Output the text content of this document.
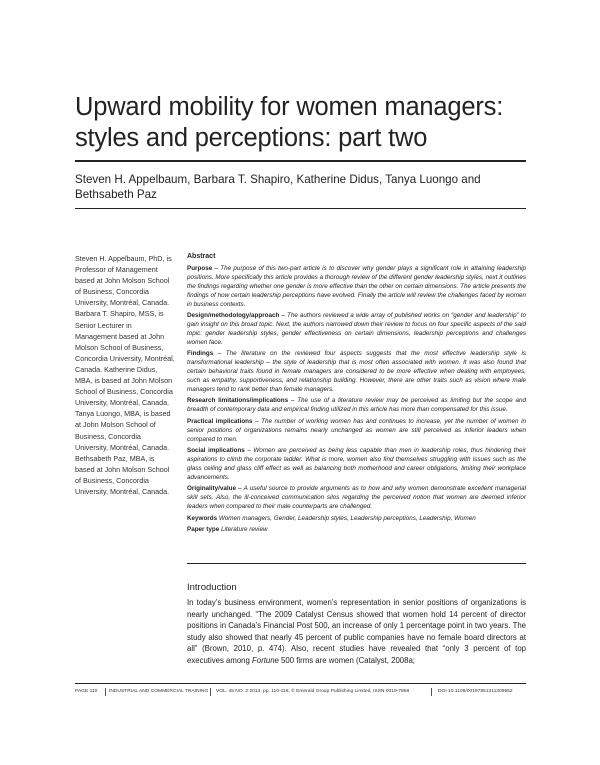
Upward mobility for women managers:
styles and perceptions: part two

Steven H. Appelbaum, Barbara T. Shapiro, Katherine Didus, Tanya Luongo and
Bethsabeth Paz

Steven H. Appelbaum, PhD, is Professor of Management based at John Molson School of Business, Concordia University, Montréal, Canada. Barbara T. Shapiro, MSS, is Senior Lecturer in Management based at John Molson School of Business, Concordia University, Montréal, Canada. Katherine Didus, MBA, is based at John Molson School of Business, Concordia University, Montréal, Canada. Tanya Luongo, MBA, is based at John Molson School of Business, Concordia University, Montréal, Canada. Bethsabeth Paz, MBA, is based at John Molson School of Business, Concordia University, Montréal, Canada.
Abstract

Purpose – The purpose of this two-part article is to discover why gender plays a significant role in attaining leadership positions. More specifically this article provides a thorough review of the different gender leadership styles, next it outlines the findings regarding whether one gender is more effective than the other on certain dimensions. The article presents the findings of how certain leadership perceptions have evolved. Finally the article will review the challenges faced by women in business contexts.

Design/methodology/approach – The authors reviewed a wide array of published works on “gender and leadership” to gain insight on this broad topic. Next, the authors narrowed down their review to focus on four specific aspects of the said topic: gender leadership styles, gender effectiveness on certain dimensions, leadership perceptions and challenges women face.

Findings – The literature on the reviewed four aspects suggests that the most effective leadership style is transformational leadership – the style of leadership that is most often associated with women. It was also found that certain behavioral traits found in female managers are considered to be more effective when dealing with employees, such as empathy, supportiveness, and relationship building. However, there are other traits such as vision where male managers tend to rank better than female managers.

Research limitations/implications – The use of a literature review may be perceived as limiting but the scope and breadth of contemporary data and empirical finding utilized in this article has more than compensated for this issue.

Practical implications – The number of working women has and continues to increase, yet the number of women in senior positions of organizations remains nearly unchanged as women are still perceived as inferior leaders when compared to men.

Social implications – Women are perceived as being less capable than men in leadership roles, thus hindering their aspirations to climb the corporate ladder. What is more, women also find themselves struggling with issues such as the glass ceiling and glass cliff effect as well as balancing both motherhood and career obligations, limiting their workplace advancements.

Originality/value – A useful source to provide arguments as to how and why women demonstrate excellent managerial skill sets. Also, the ill-conceived communication silos regarding the perceived notion that women are deemed inferior leaders when compared to their male counterparts are challenged.

Keywords Women managers, Gender, Leadership styles, Leadership perceptions, Leadership, Women

Paper type Literature review

Introduction
In today’s business environment, women’s representation in senior positions of organizations is nearly unchanged. “The 2009 Catalyst Census showed that women hold 14 percent of director positions in Canada’s Financial Post 500, an increase of only 1 percentage point in two years. The study also showed that nearly 45 percent of public companies have no female board directors at all” (Brown, 2010, p. 474). Also, recent studies have revealed that “only 3 percent of top executives among Fortune 500 firms are women (Catalyst, 2008a;
PAGE 110 INDUSTRIAL AND COMMERCIAL TRAINING VOL. 45 NO. 2 2013, pp. 110-118, © Emerald Group Publishing Limited, ISSN 0019-7858	DOI 10.1108/00197851311309552
